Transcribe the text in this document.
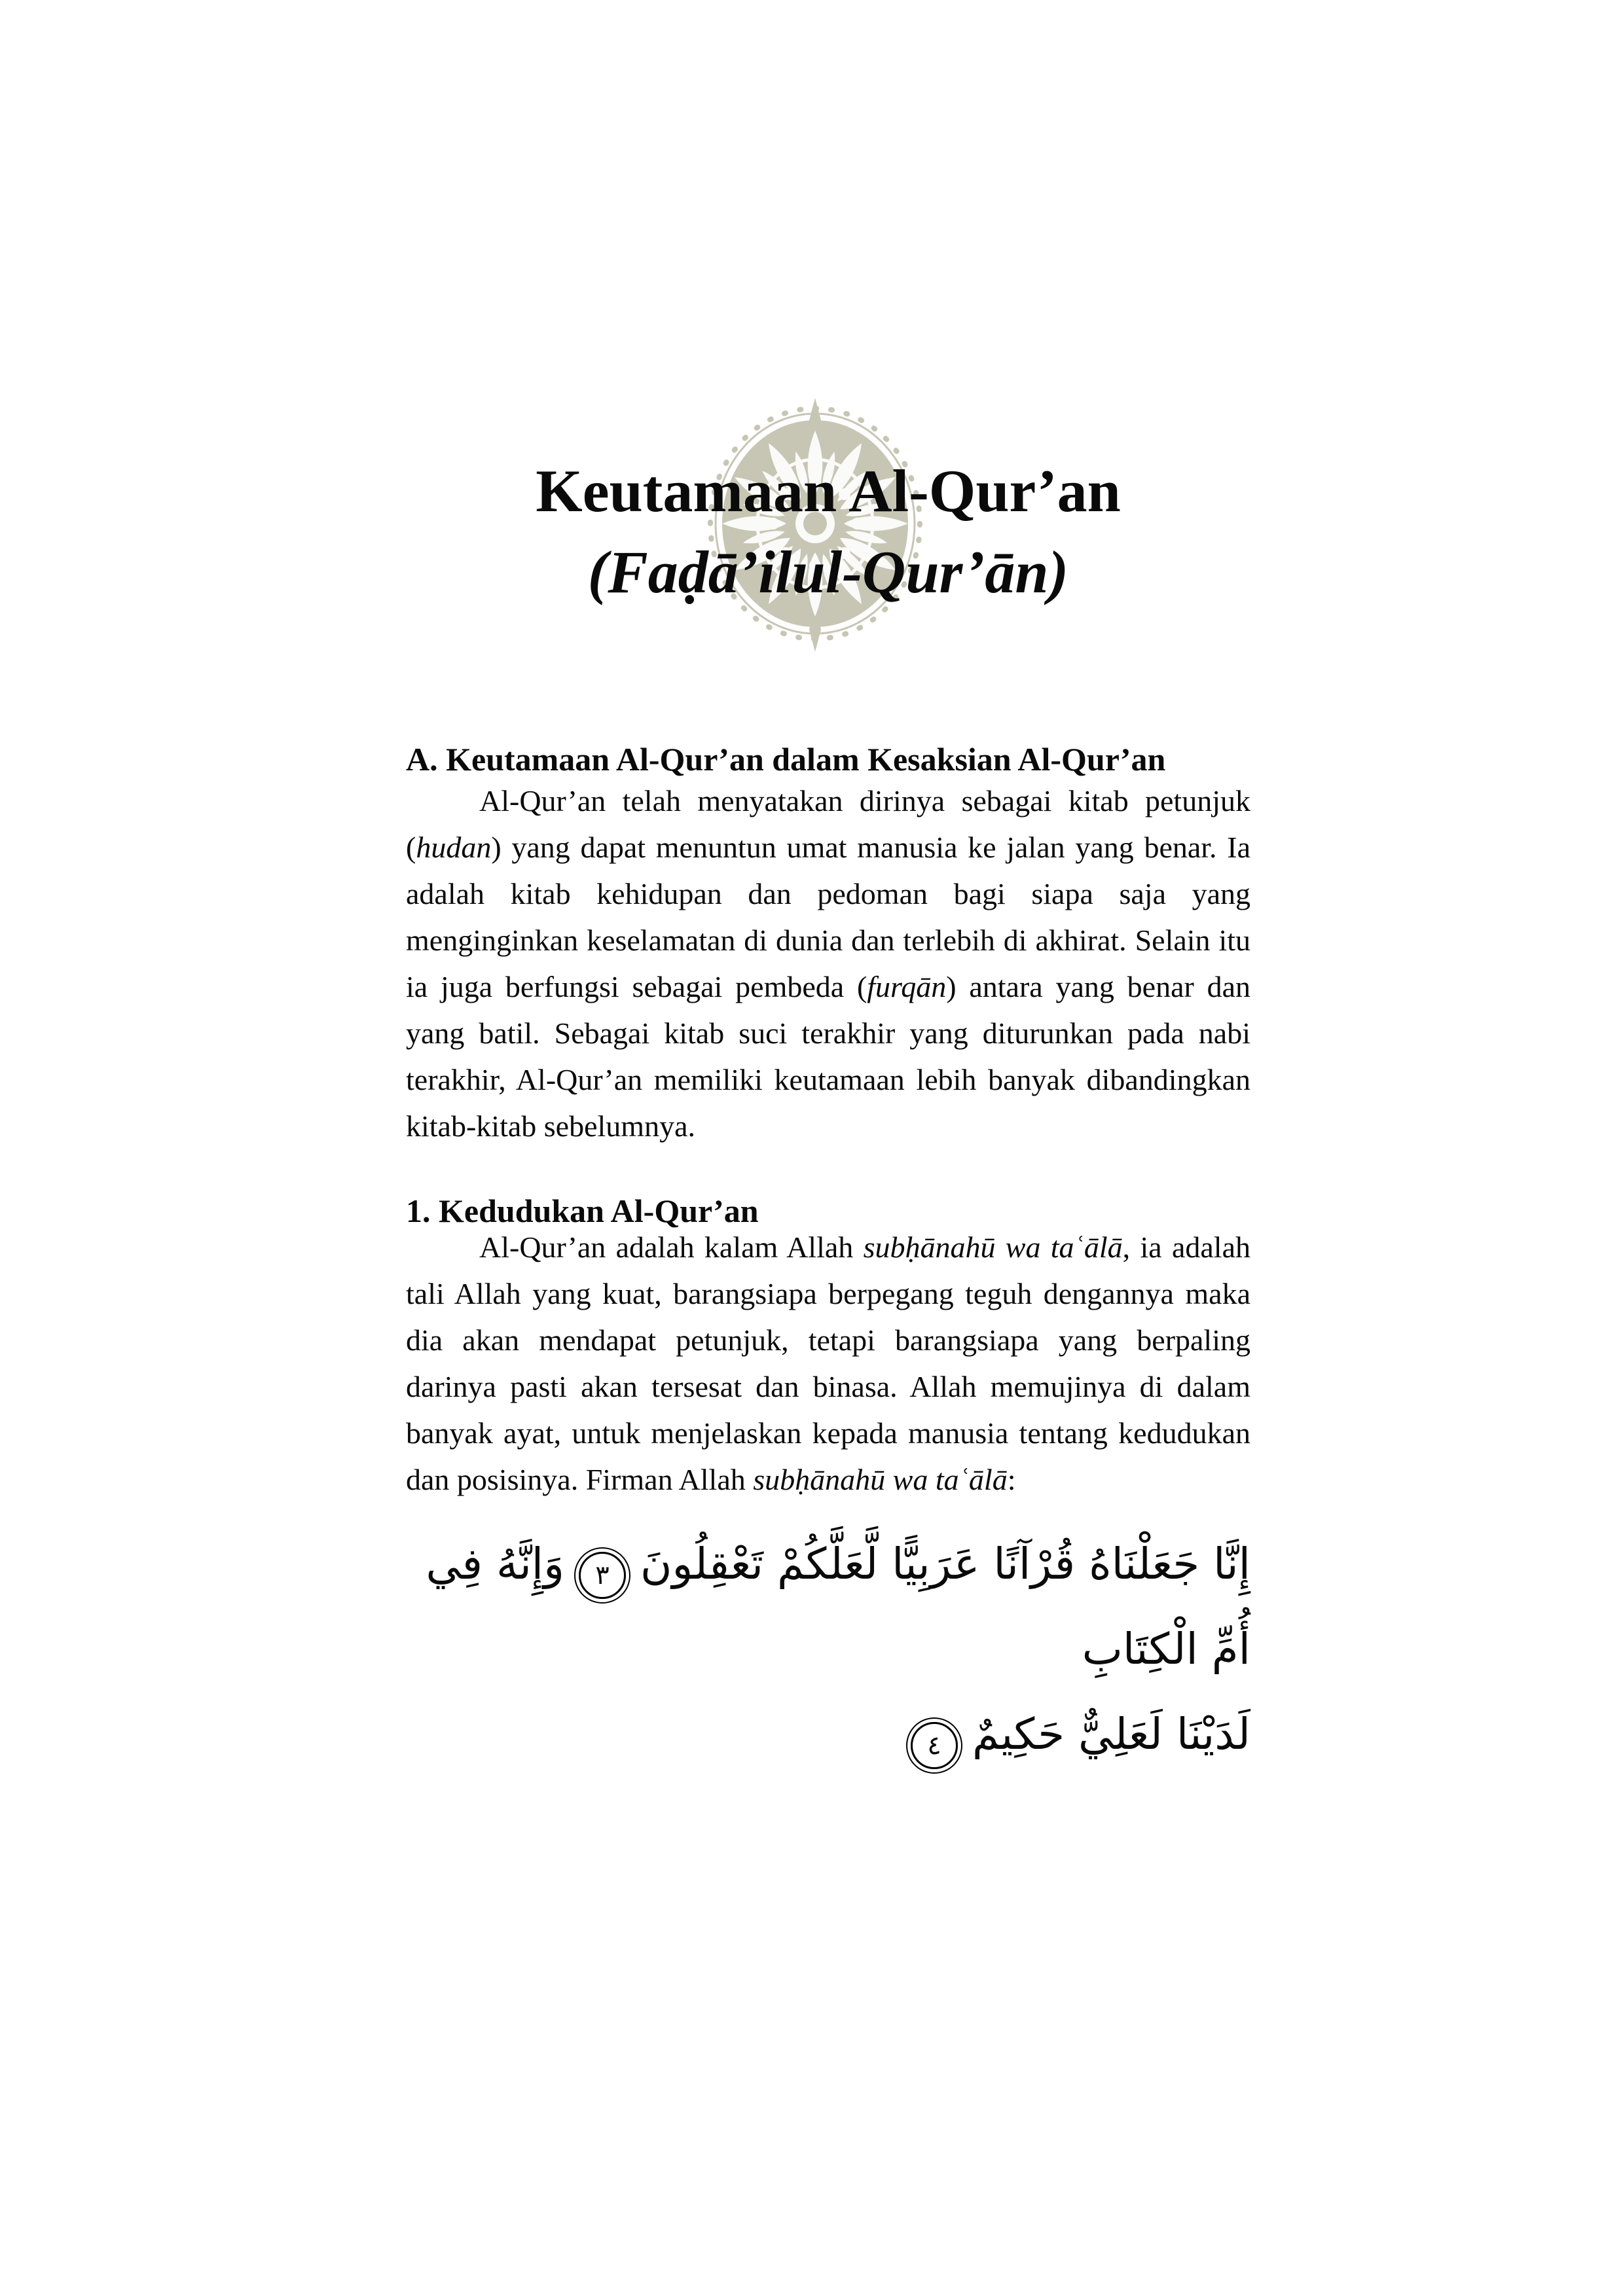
Keutamaan Al-Qur’an
(Faḍā’ilul-Qur’ān)
A. Keutamaan Al-Qur’an dalam Kesaksian Al-Qur’an

Al-Qur’an telah menyatakan dirinya sebagai kitab petunjuk (hudan) yang dapat menuntun umat manusia ke jalan yang benar. Ia adalah kitab kehidupan dan pedoman bagi siapa saja yang menginginkan keselamatan di dunia dan terlebih di akhirat. Selain itu ia juga berfungsi sebagai pembeda (furqān) antara yang benar dan yang batil. Sebagai kitab suci terakhir yang diturunkan pada nabi terakhir, Al-Qur’an memiliki keutamaan lebih banyak dibandingkan kitab-kitab sebelumnya.

1. Kedudukan Al-Qur’an

Al-Qur’an adalah kalam Allah subḥānahū wa taʿālā, ia adalah tali Allah yang kuat, barangsiapa berpegang teguh dengannya maka dia akan mendapat petunjuk, tetapi barangsiapa yang berpaling darinya pasti akan tersesat dan binasa. Allah memujinya di dalam banyak ayat, untuk menjelaskan kepada manusia tentang kedudukan dan posisinya. Firman Allah subḥānahū wa taʿālā:

إِنَّا جَعَلْنَاهُ قُرْآنًا عَرَبِيًّا لَّعَلَّكُمْ تَعْقِلُونَ٣وَإِنَّهُ فِي أُمِّ الْكِتَابِ
لَدَيْنَا لَعَلِيٌّ حَكِيمٌ٤
